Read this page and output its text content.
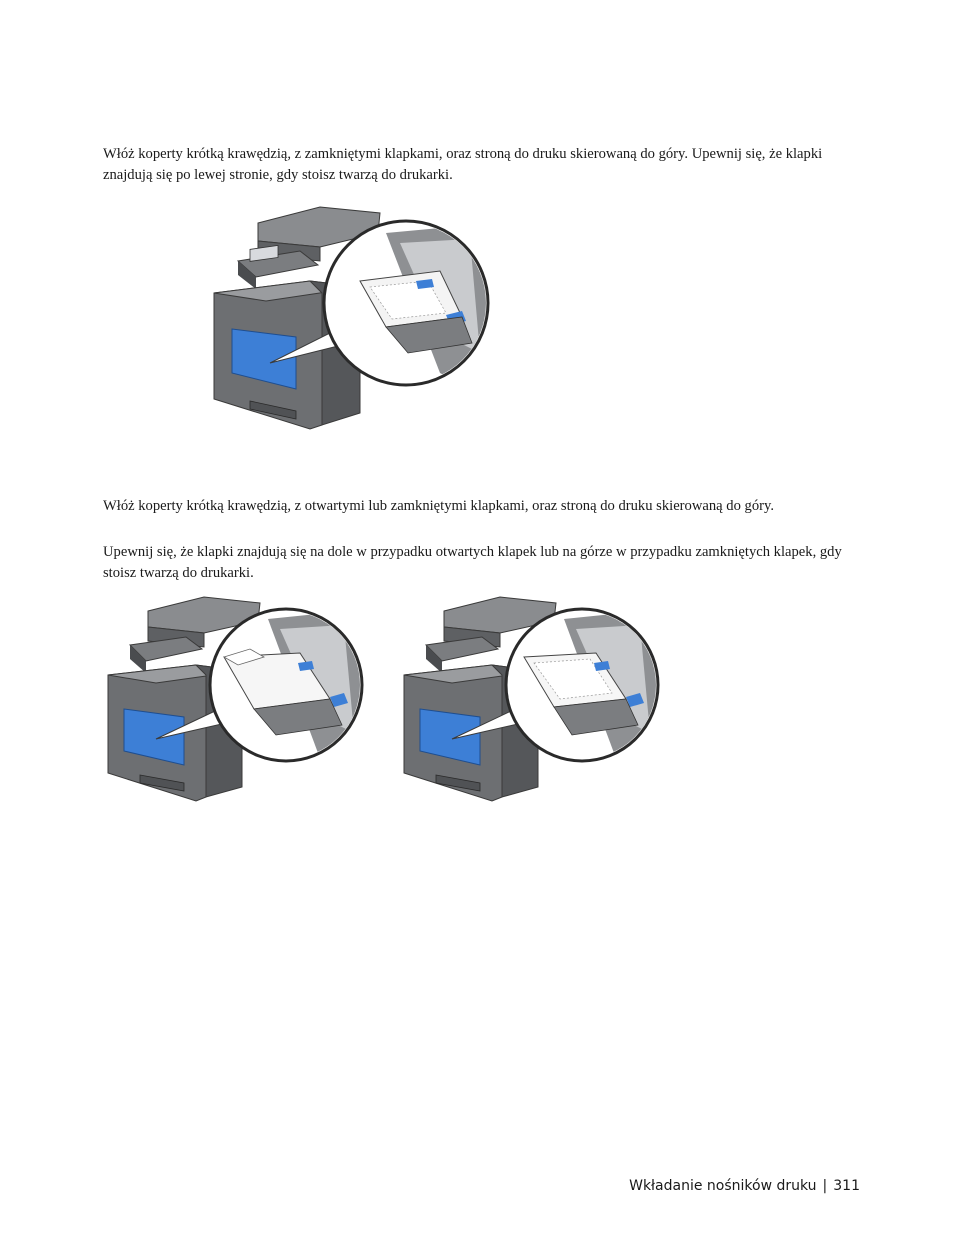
Włóż koperty krótką krawędzią, z zamkniętymi klapkami, oraz stroną do druku skierowaną do góry. Upewnij się, że klapki znajdują się po lewej stronie, gdy stoisz twarzą do drukarki.

Włóż koperty krótką krawędzią, z otwartymi lub zamkniętymi klapkami, oraz stroną do druku skierowaną do góry.

Upewnij się, że klapki znajdują się na dole w przypadku otwartych klapek lub na górze w przypadku zamkniętych klapek, gdy stoisz twarzą do drukarki.

Wkładanie nośników druku | 311
